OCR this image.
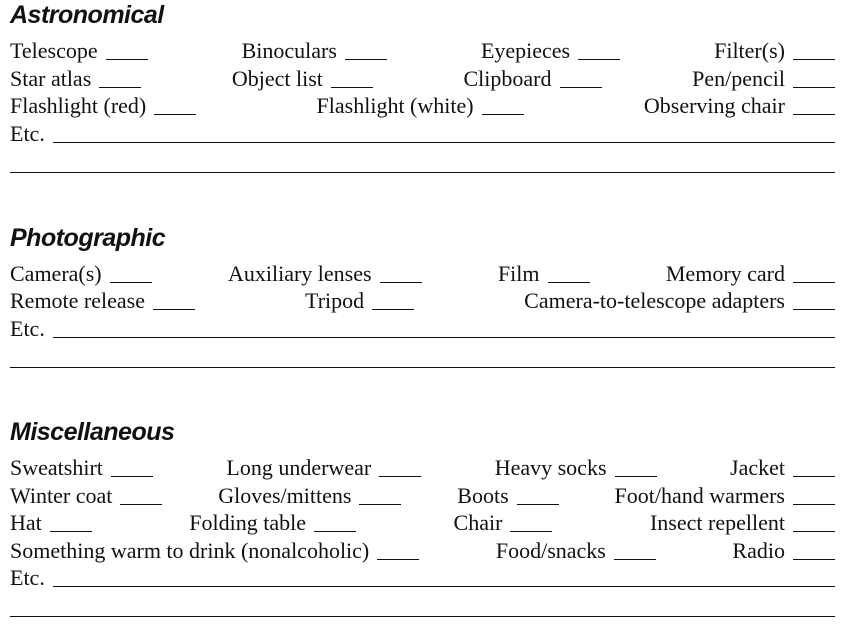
Astronomical
Telescope	Binoculars	Eyepieces	Filter(s)
Star atlas	Object list	Clipboard	Pen/pencil
Flashlight (red)	Flashlight (white)	Observing chair
Etc.
Photographic
Camera(s)	Auxiliary lenses	Film	Memory card
Remote release	Tripod	Camera-to-telescope adapters
Etc.
Miscellaneous
Sweatshirt	Long underwear	Heavy socks	Jacket
Winter coat	Gloves/mittens	Boots	Foot/hand warmers
Hat	Folding table	Chair	Insect repellent
Something warm to drink (nonalcoholic)	Food/snacks	Radio
Etc.
